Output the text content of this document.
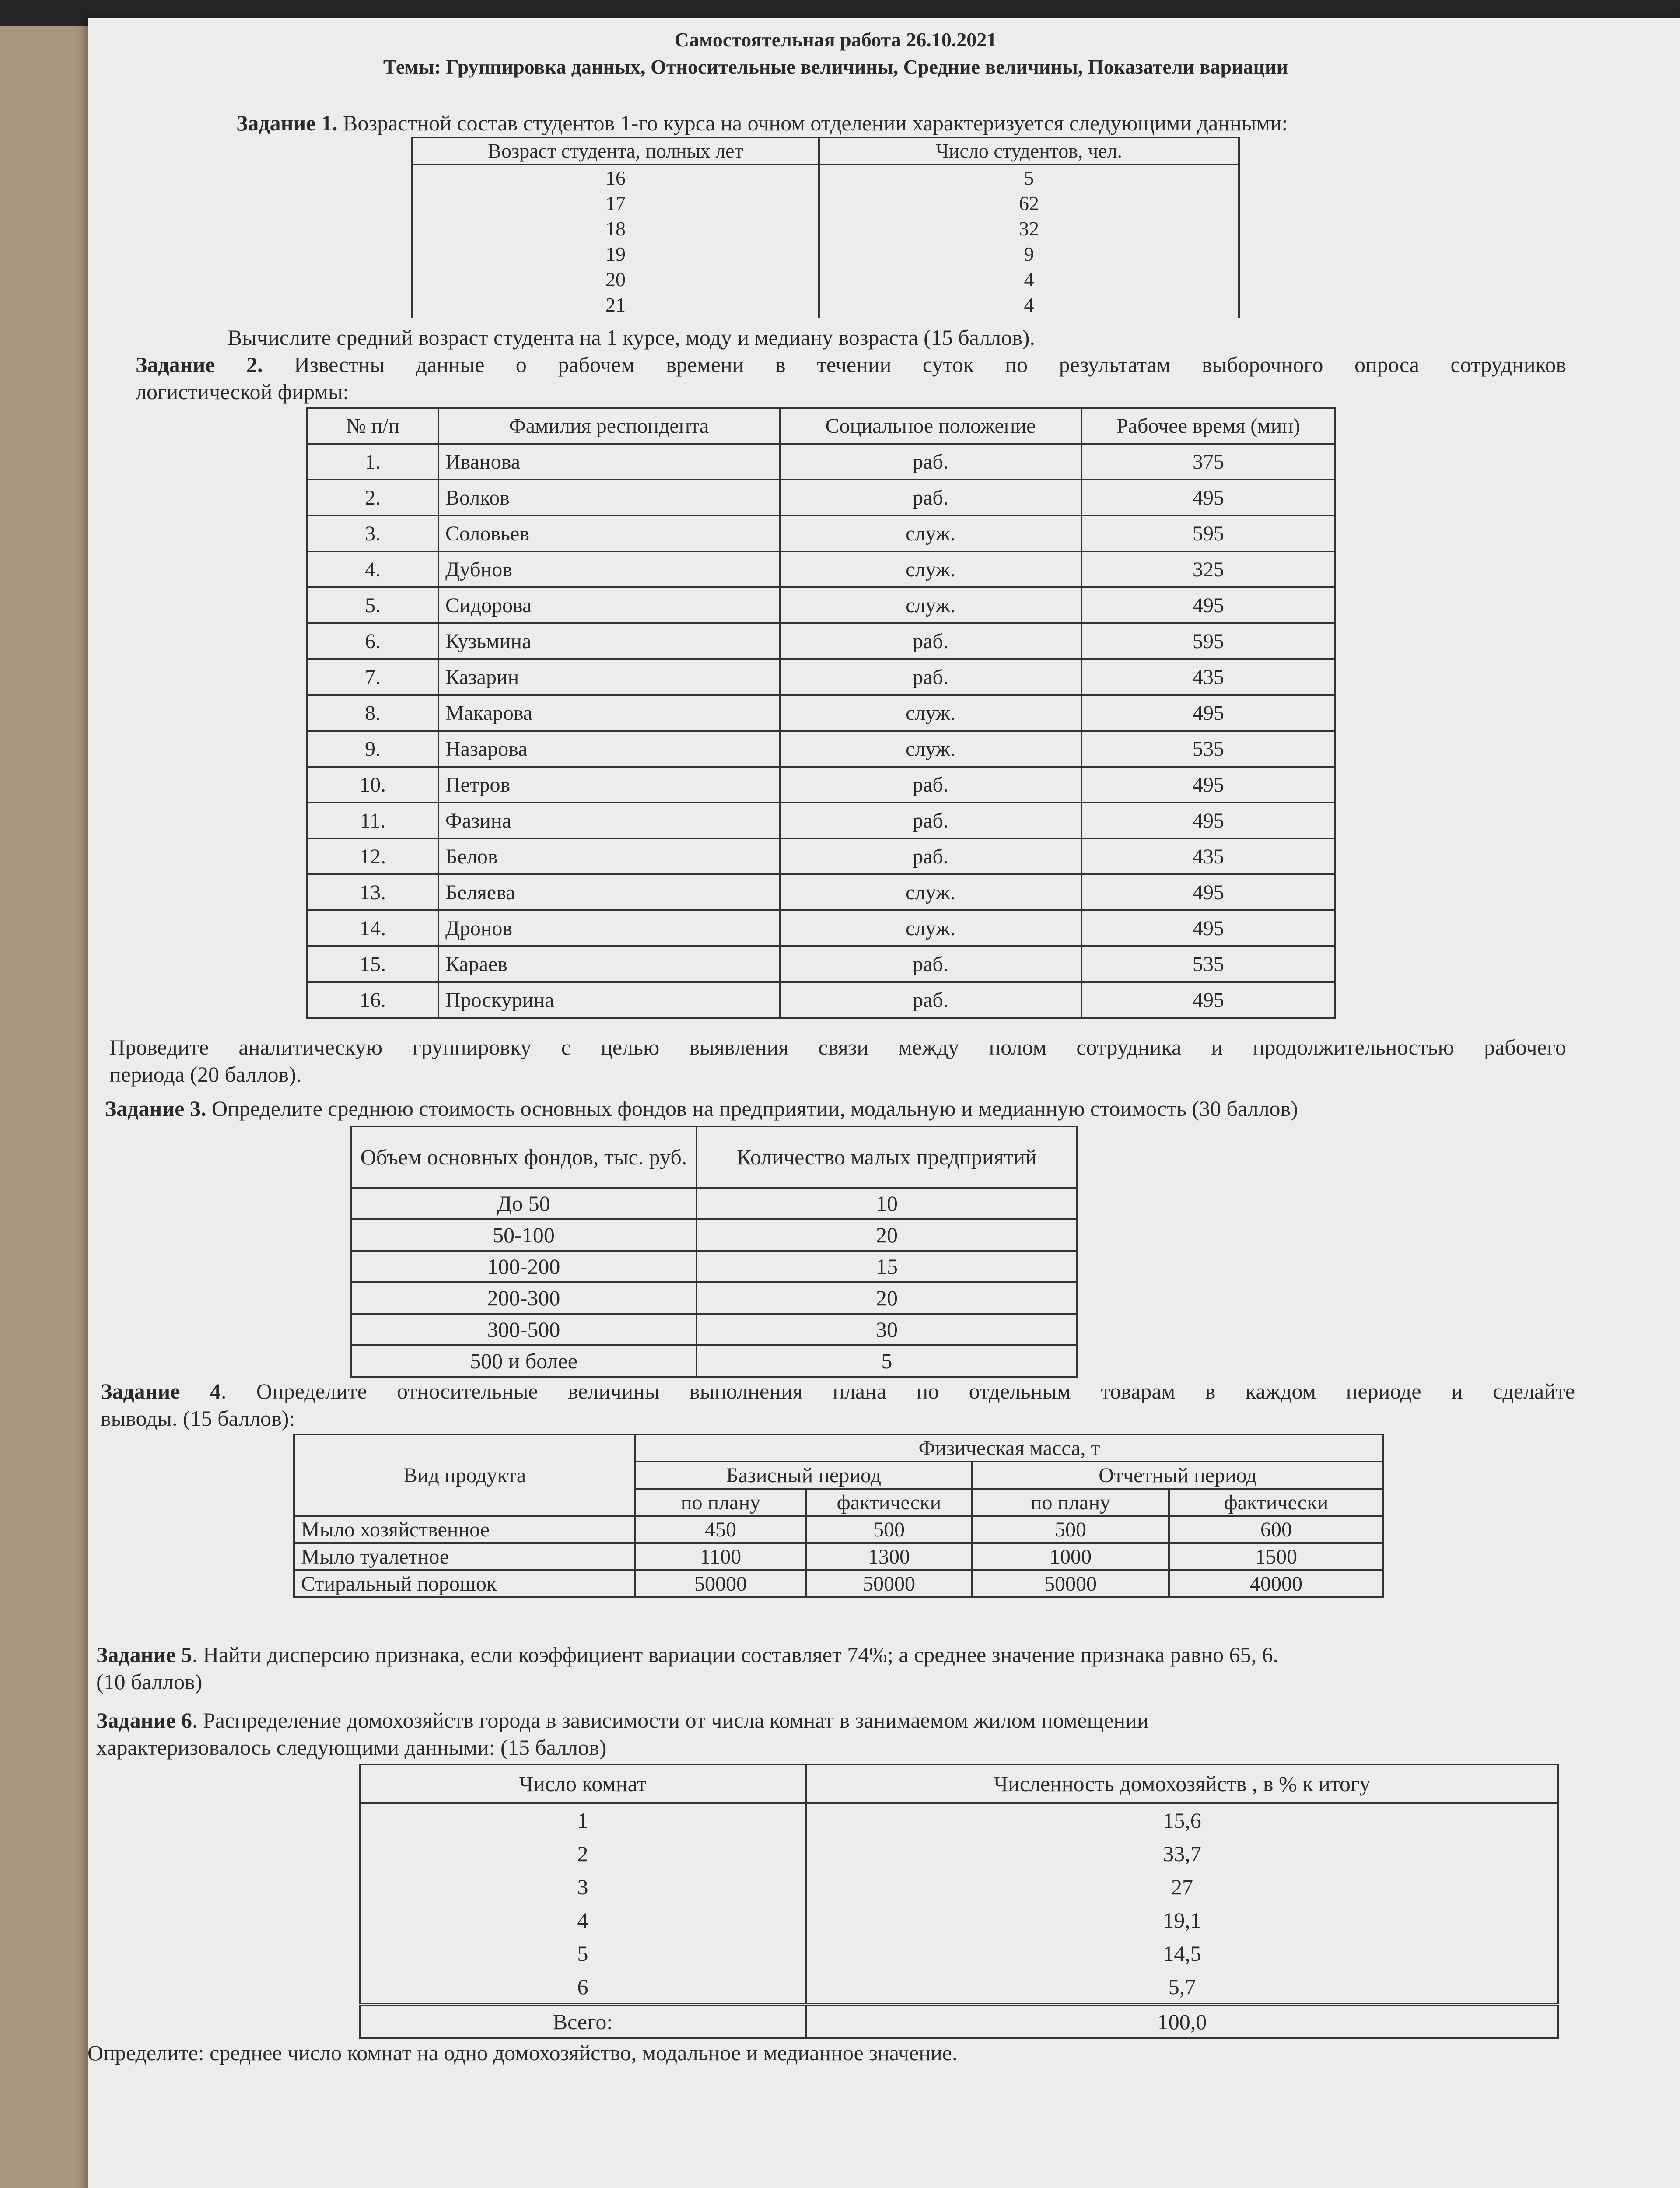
Самостоятельная работа 26.10.2021
Темы: Группировка данных, Относительные величины, Средние величины, Показатели вариации

Задание 1. Возрастной состав студентов 1-го курса на очном отделении характеризуется следующими данными:

Возраст студента, полных лет	Число студентов, чел.
16	5
17	62
18	32
19	9
20	4
21	4

Вычислите средний возраст студента на 1 курсе, моду и медиану возраста (15 баллов).

Задание 2. Известны данные о рабочем времени в течении суток по результатам выборочного опроса сотрудников

логистической фирмы:

№ п/п	Фамилия респондента	Социальное положение	Рабочее время (мин)
1.	Иванова	раб.	375
2.	Волков	раб.	495
3.	Соловьев	служ.	595
4.	Дубнов	служ.	325
5.	Сидорова	служ.	495
6.	Кузьмина	раб.	595
7.	Казарин	раб.	435
8.	Макарова	служ.	495
9.	Назарова	служ.	535
10.	Петров	раб.	495
11.	Фазина	раб.	495
12.	Белов	раб.	435
13.	Беляева	служ.	495
14.	Дронов	служ.	495
15.	Караев	раб.	535
16.	Проскурина	раб.	495

Проведите аналитическую группировку с целью выявления связи между полом сотрудника и продолжительностью рабочего

периода (20 баллов).

Задание 3. Определите среднюю стоимость основных фондов на предприятии, модальную и медианную стоимость (30 баллов)

Объем основных фондов, тыс. руб.	Количество малых предприятий
До 50	10
50-100	20
100-200	15
200-300	20
300-500	30
500 и более	5

Задание 4. Определите относительные величины выполнения плана по отдельным товарам в каждом периоде и сделайте

выводы. (15 баллов):

Вид продукта	Физическая масса, т			
	Базисный период		Отчетный период	
	по плану	фактически	по плану	фактически
Мыло хозяйственное	450	500	500	600
Мыло туалетное	1100	1300	1000	1500
Стиральный порошок	50000	50000	50000	40000

Задание 5. Найти дисперсию признака, если коэффициент вариации составляет 74%; а среднее значение признака равно 65, 6.

(10 баллов)

Задание 6. Распределение домохозяйств города в зависимости от числа комнат в занимаемом жилом помещении

характеризовалось следующими данными: (15 баллов)

Число комнат	Численность домохозяйств , в % к итогу
1	15,6
2	33,7
3	27
4	19,1
5	14,5
6	5,7
Всего:	100,0

Определите: среднее число комнат на одно домохозяйство, модальное и медианное значение.
